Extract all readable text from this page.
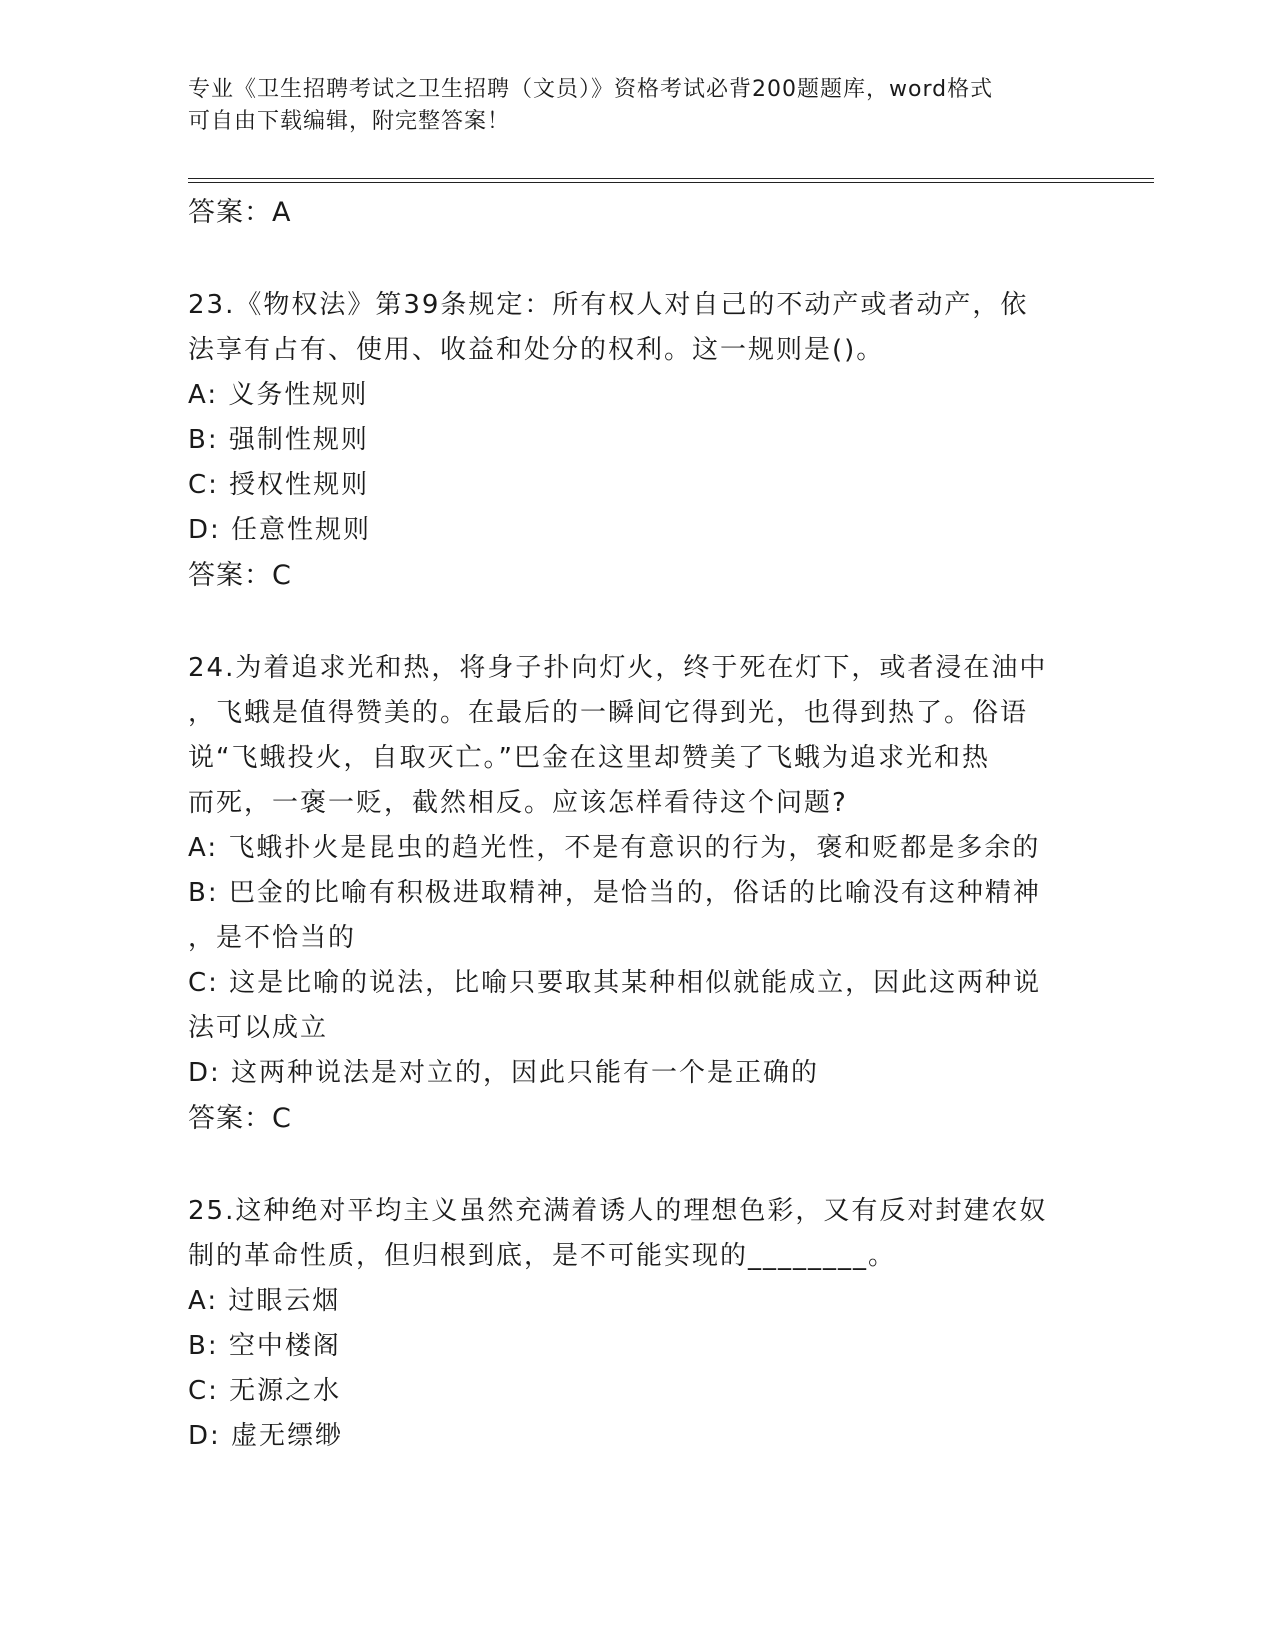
专业《卫生招聘考试之卫生招聘（文员）》资格考试必背200题题库，word格式
可自由下载编辑，附完整答案！
答案：A
23.《物权法》第39条规定：所有权人对自己的不动产或者动产，依
法享有占有、使用、收益和处分的权利。这一规则是()。
A: 义务性规则
B: 强制性规则
C: 授权性规则
D: 任意性规则
答案：C
24.为着追求光和热，将身子扑向灯火，终于死在灯下，或者浸在油中
，飞蛾是值得赞美的。在最后的一瞬间它得到光，也得到热了。俗语
说“飞蛾投火，自取灭亡。”巴金在这里却赞美了飞蛾为追求光和热
而死，一褒一贬，截然相反。应该怎样看待这个问题?
A: 飞蛾扑火是昆虫的趋光性，不是有意识的行为，褒和贬都是多余的
B: 巴金的比喻有积极进取精神，是恰当的，俗话的比喻没有这种精神
，是不恰当的
C: 这是比喻的说法，比喻只要取其某种相似就能成立，因此这两种说
法可以成立
D: 这两种说法是对立的，因此只能有一个是正确的
答案：C
25.这种绝对平均主义虽然充满着诱人的理想色彩，又有反对封建农奴
制的革命性质，但归根到底，是不可能实现的________。
A: 过眼云烟
B: 空中楼阁
C: 无源之水
D: 虚无缥缈
